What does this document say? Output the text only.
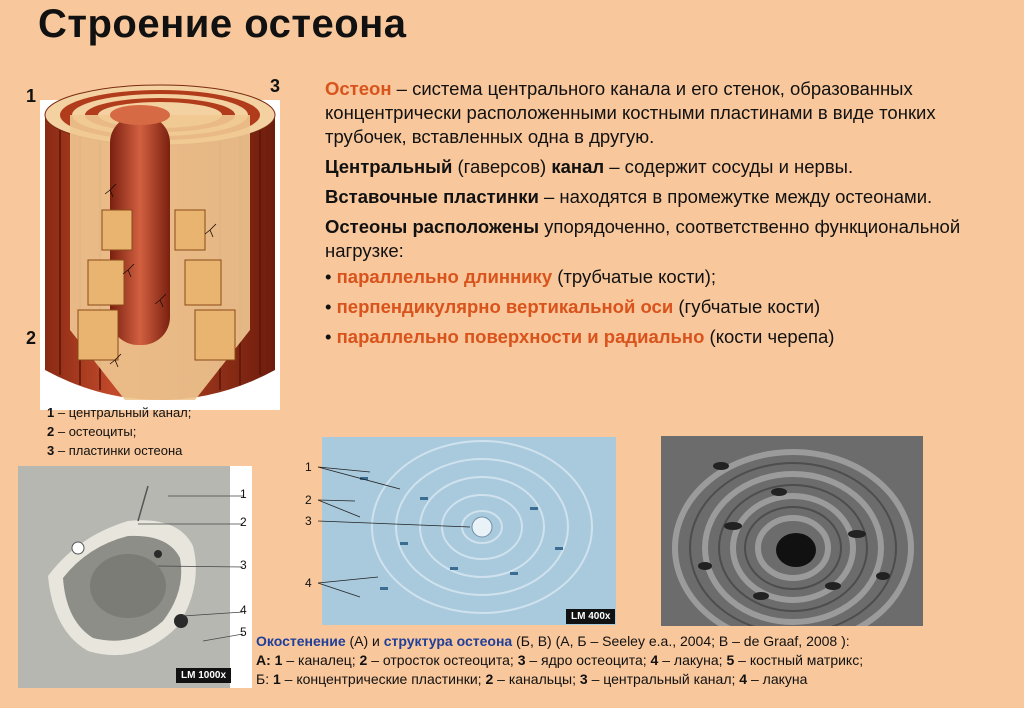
Строение остеона
1	3
2
1 – центральный канал;
2 – остеоциты;
3 – пластинки остеона

Остеон – система центрального канала и его стенок, образованных концентрически расположенными костными пластинами в виде тонких трубочек, вставленных одна в другую.

Центральный (гаверсов) канал – содержит сосуды и нервы.

Вставочные пластинки – находятся в промежутке между остеонами.

Остеоны расположены упорядоченно, соответственно функциональной нагрузке:

• параллельно длиннику (трубчатые кости);
• перпендикулярно вертикальной оси (губчатые кости)
• параллельно поверхности и радиально (кости черепа)
1
2
3
4
5
LM 1000x
1
2
3
4
LM 400x
Окостенение (А) и структура остеона (Б, В) (А, Б – Seeley e.a., 2004; В – de Graaf, 2008 ):
А: 1 – каналец; 2 – отросток остеоцита; 3 – ядро остеоцита; 4 – лакуна; 5 – костный матрикс;
Б: 1 – концентрические пластинки; 2 – канальцы; 3 – центральный канал; 4 – лакуна
